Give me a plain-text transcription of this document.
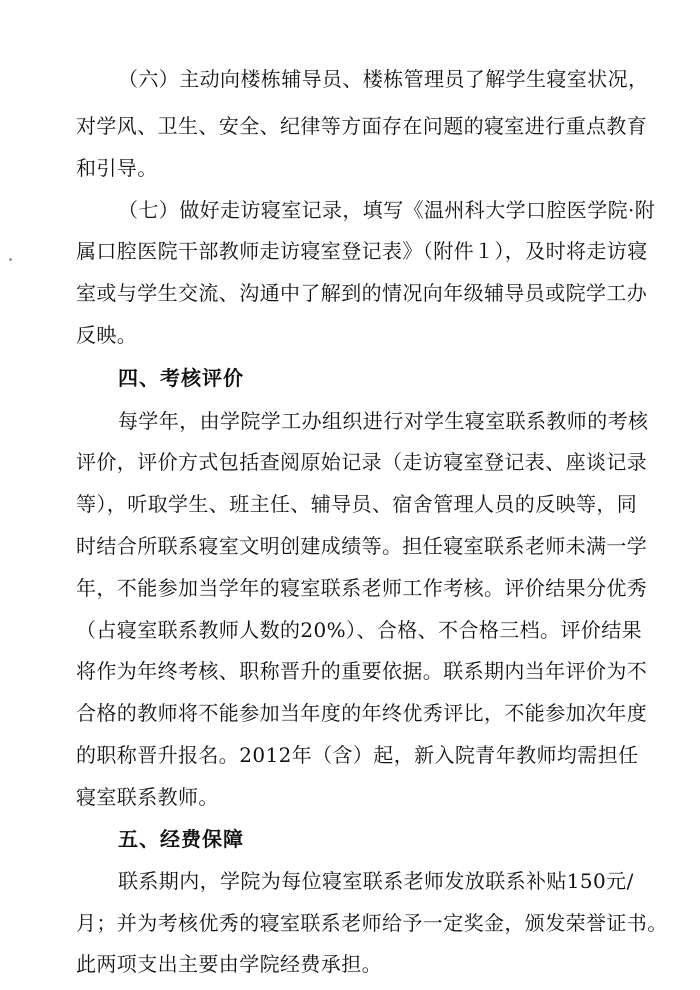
（六）主动向楼栋辅导员、楼栋管理员了解学生寝室状况，
对学风、卫生、安全、纪律等方面存在问题的寝室进行重点教育
和引导。
（七）做好走访寝室记录，填写《温州科大学口腔医学院·附
属口腔医院干部教师走访寝室登记表》（附件１），及时将走访寝
室或与学生交流、沟通中了解到的情况向年级辅导员或院学工办
反映。
四、考核评价
每学年，由学院学工办组织进行对学生寝室联系教师的考核
评价，评价方式包括查阅原始记录（走访寝室登记表、座谈记录
等），听取学生、班主任、辅导员、宿舍管理人员的反映等，同
时结合所联系寝室文明创建成绩等。担任寝室联系老师未满一学
年，不能参加当学年的寝室联系老师工作考核。评价结果分优秀
（占寝室联系教师人数的20%）、合格、不合格三档。评价结果
将作为年终考核、职称晋升的重要依据。联系期内当年评价为不
合格的教师将不能参加当年度的年终优秀评比，不能参加次年度
的职称晋升报名。2012年（含）起，新入院青年教师均需担任
寝室联系教师。
五、经费保障
联系期内，学院为每位寝室联系老师发放联系补贴150元/
月；并为考核优秀的寝室联系老师给予一定奖金，颁发荣誉证书。
此两项支出主要由学院经费承担。
